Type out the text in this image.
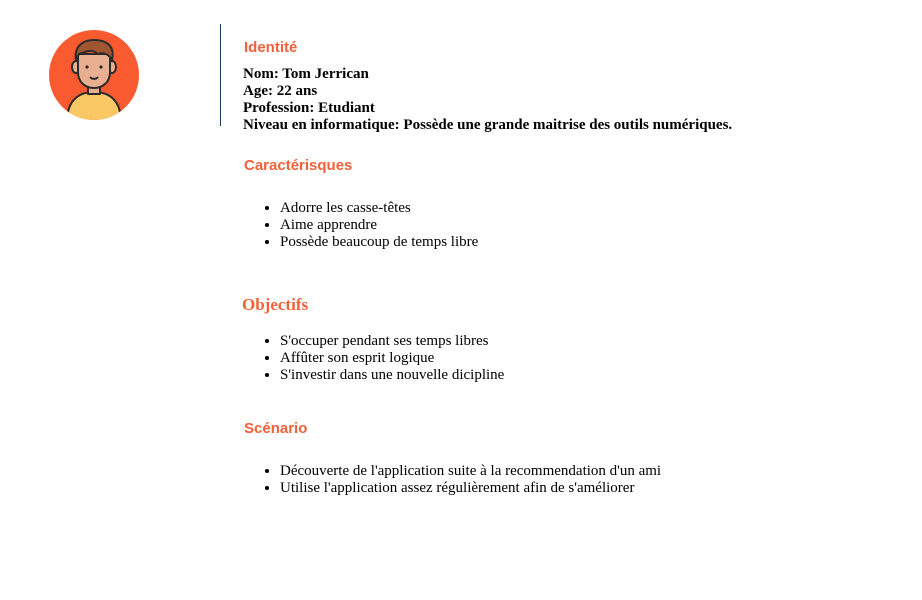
Identité
Nom: Tom Jerrican
Age: 22 ans
Profession: Etudiant
Niveau en informatique: Possède une grande maitrise des outils numériques.
Caractérisques
• Adorre les casse-têtes
• Aime apprendre
• Possède beaucoup de temps libre
Objectifs
• S'occuper pendant ses temps libres
• Affûter son esprit logique
• S'investir dans une nouvelle dicipline
Scénario
• Découverte de l'application suite à la recommendation d'un ami
• Utilise l'application assez régulièrement afin de s'améliorer
